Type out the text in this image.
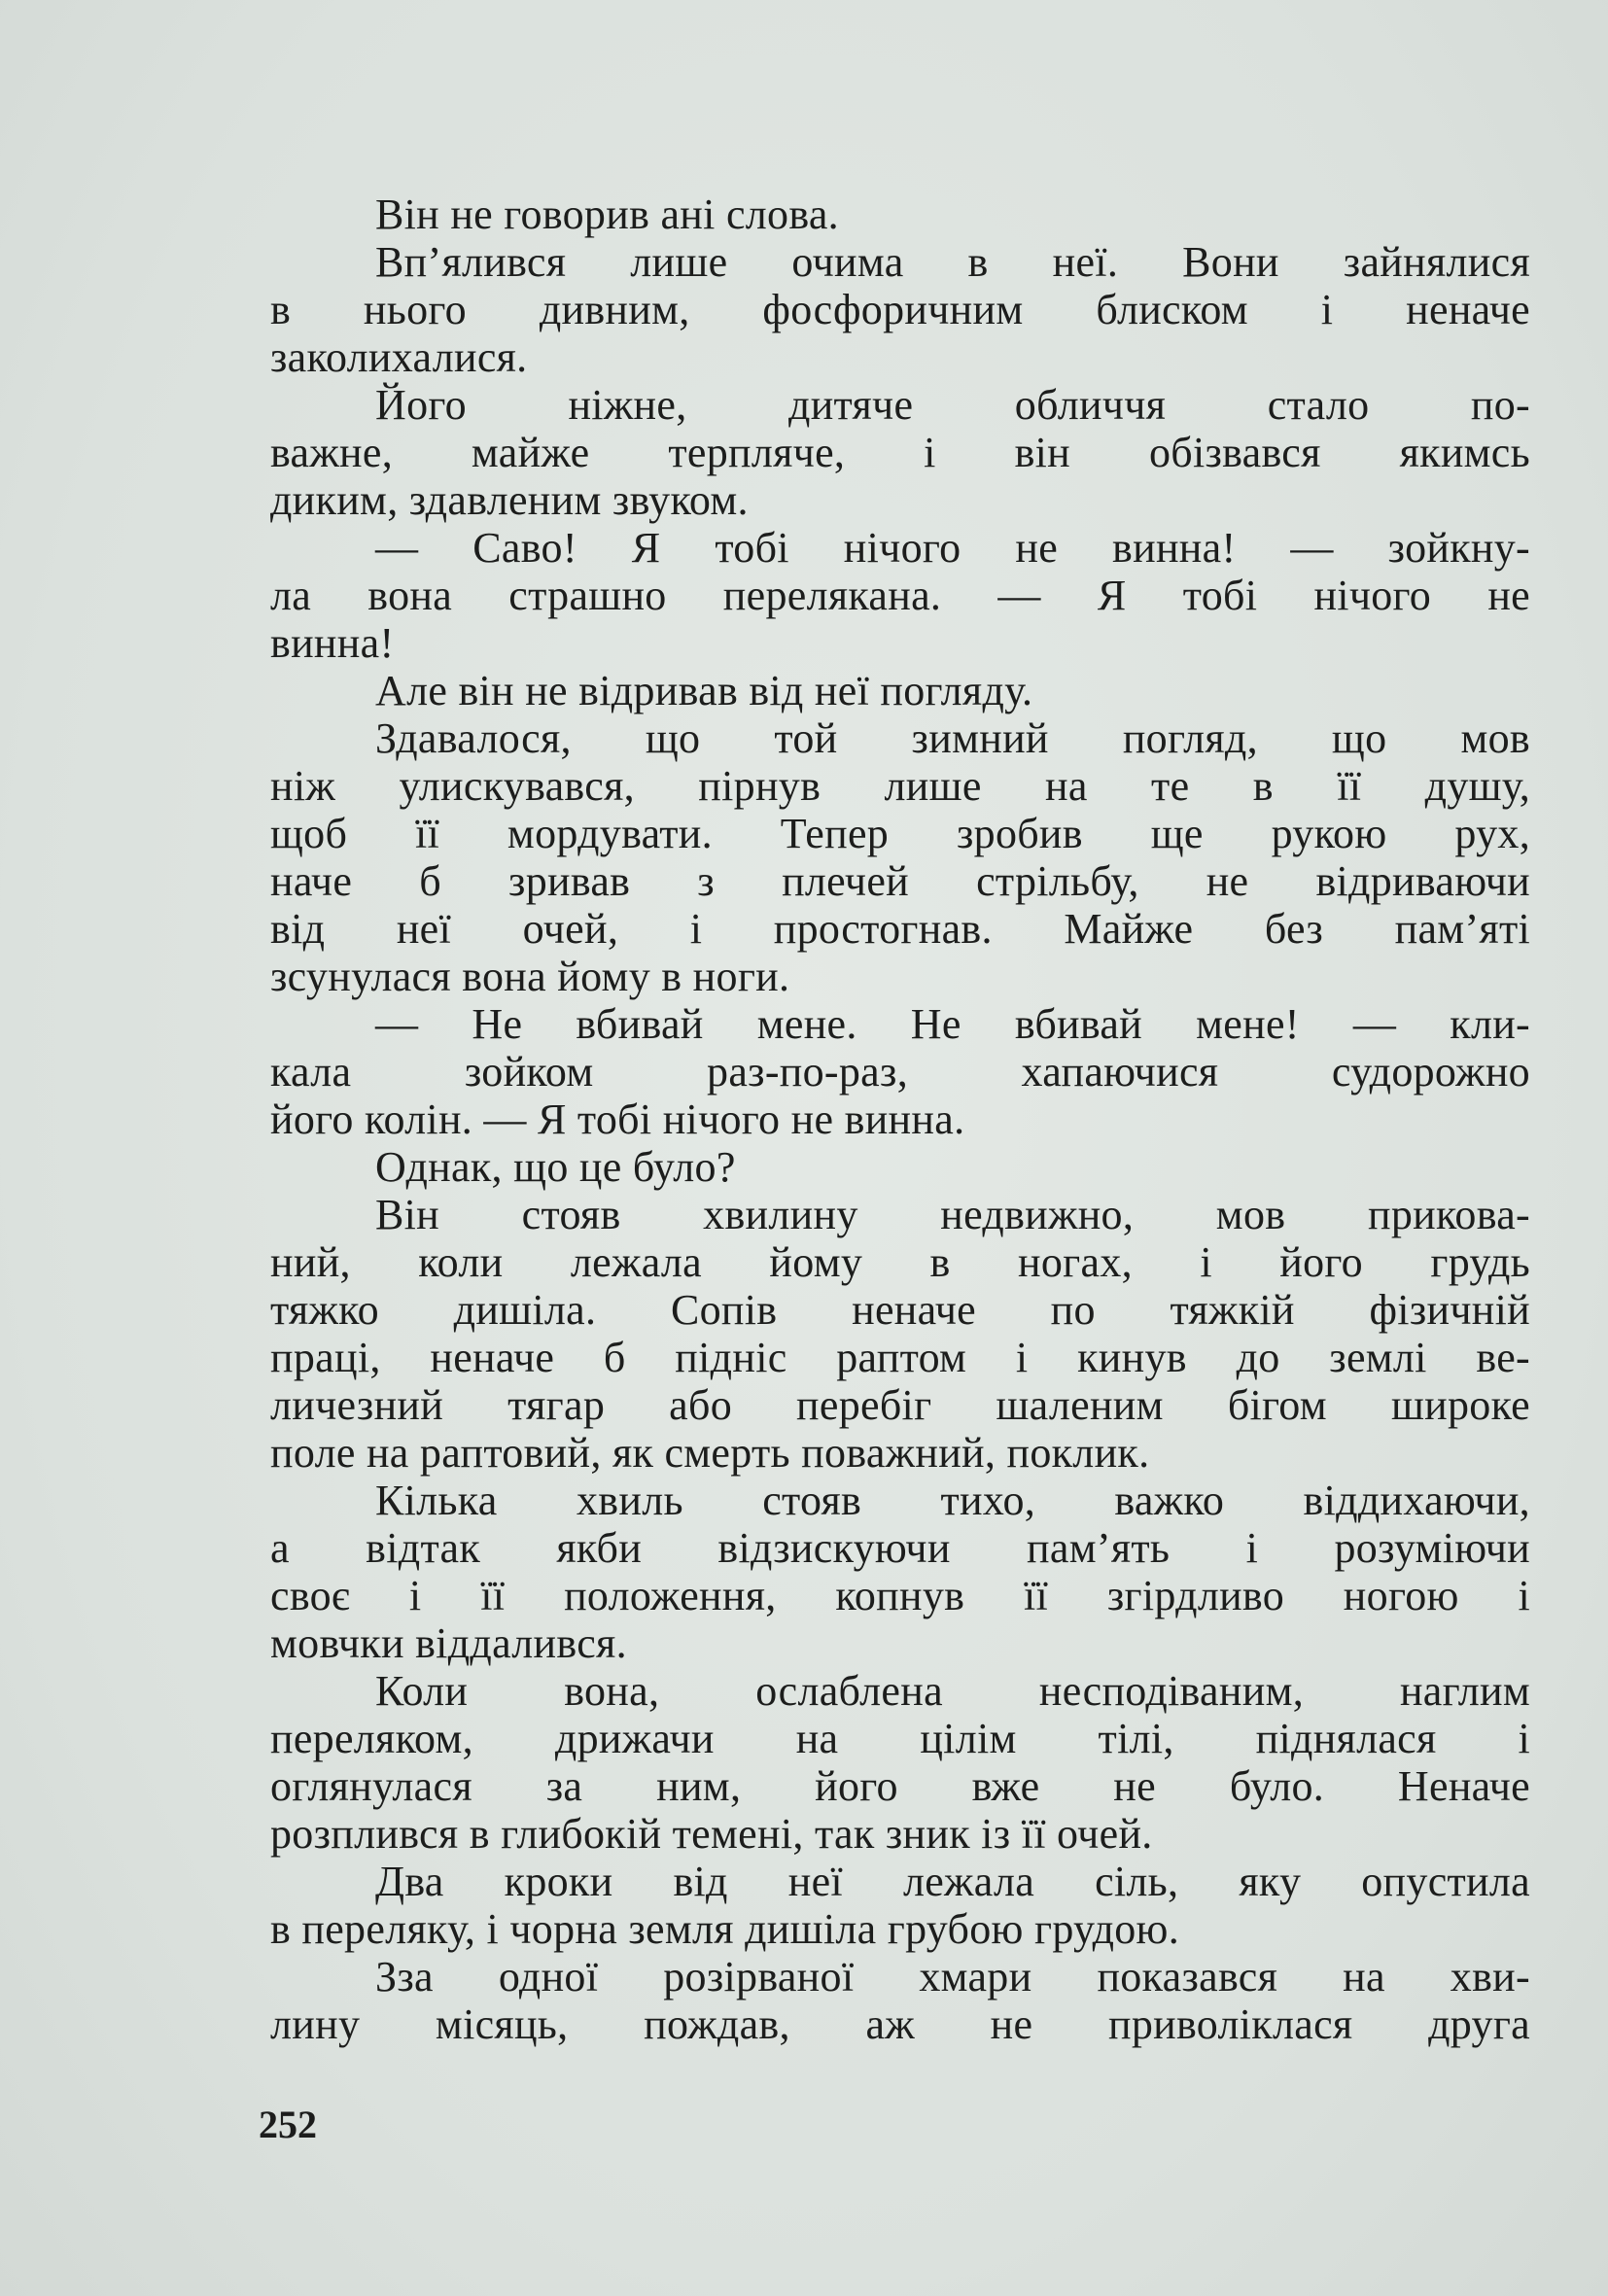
Він не говорив ані слова.
Вп’ялився лише очима в неї. Вони зайнялися
в нього дивним, фосфоричним блиском і неначе
заколихалися.
Його ніжне, дитяче обличчя стало по-
важне, майже терпляче, і він обізвався якимсь
диким, здавленим звуком.
— Саво! Я тобі нічого не винна! — зойкну-
ла вона страшно переляканa. — Я тобі нічого не
винна!
Але він не відривав від неї погляду.
Здавалося, що той зимний погляд, що мов
ніж улискувався, пірнув лише на те в її душу,
щоб її мордувати. Тепер зробив ще рукою рух,
наче б зривав з плечей стрільбу, не відриваючи
від неї очей, і простогнав. Майже без пам’яті
зсунулася вона йому в ноги.
— Не вбивай мене. Не вбивай мене! — кли-
кала зойком раз-по-раз, хапаючися судорожно
його колін. — Я тобі нічого не винна.
Однак, що це було?
Він стояв хвилину недвижно, мов прикова-
ний, коли лежала йому в ногах, і його грудь
тяжко дишіла. Сопів неначе по тяжкій фізичній
праці, неначе б підніс раптом і кинув до землі ве-
личезний тягар або перебіг шаленим бігом широке
поле на раптовий, як смерть поважний, поклик.
Кілька хвиль стояв тихо, важко віддихаючи,
а відтак якби відзискуючи пам’ять і розуміючи
своє і її положення, копнув її згірдливо ногою і
мовчки віддалився.
Коли вона, ослаблена несподіваним, наглим
переляком, дрижачи на цілім тілі, піднялася і
оглянулася за ним, його вже не було. Неначе
розплився в глибокій темені, так зник із її очей.
Два кроки від неї лежала сіль, яку опустила
в переляку, і чорна земля дишіла грубою грудою.
Зза одної розірваної хмари показався на хви-
лину місяць, пождав, аж не приволіклася друга
252
